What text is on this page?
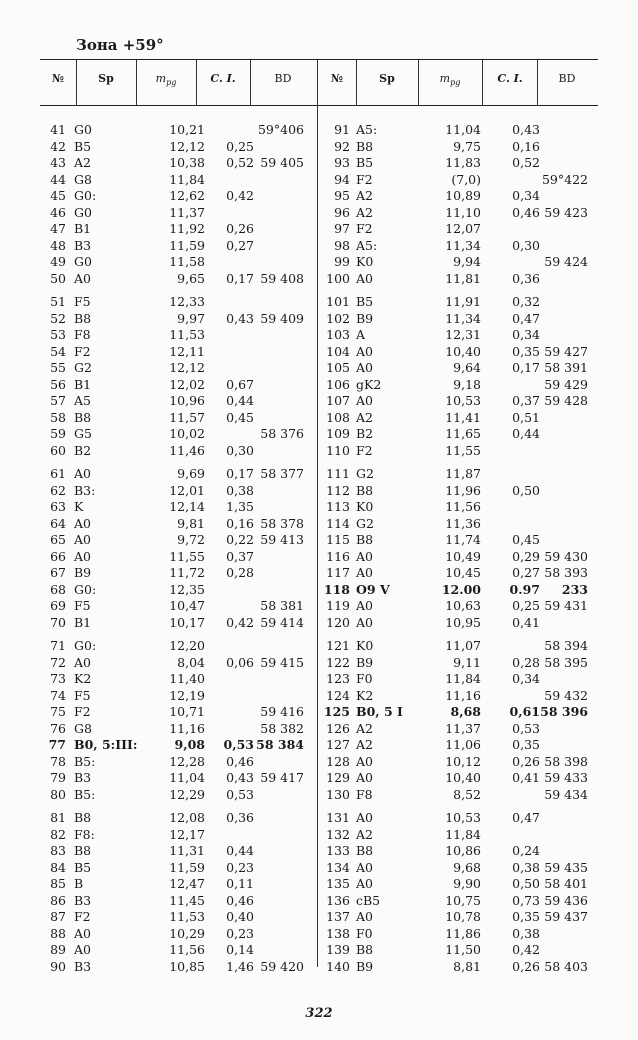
Зона +59°
№	Sp	$m_{pg}$	C. I.	BD	№	Sp	$m_{pg}$	C. I.	BD
41 G0	10,21	59°406
42 B5	12,12 0,25
43 A2	10,38 0,52 59 405
44 G8	11,84
45 G0:	12,62 0,42
46 G0	11,37
47 B1	11,92 0,26
48 B3	11,59 0,27
49 G0	11,58
50 A0	9,65 0,17 59 408
51 F5	12,33
52 B8	9,97 0,43 59 409
53 F8	11,53
54 F2	12,11
55 G2	12,12
56 B1	12,02 0,67
57 A5	10,96 0,44
58 B8	11,57 0,45
59 G5	10,02	58 376
60 B2	11,46 0,30
61 A0	9,69 0,17 58 377
62 B3:	12,01 0,38
63 K	12,14 1,35
64 A0	9,81 0,16 58 378
65 A0	9,72 0,22 59 413
66 A0	11,55 0,37
67 B9	11,72 0,28
68 G0:	12,35
69 F5	10,47	58 381
70 B1	10,17 0,42 59 414
71 G0:	12,20
72 A0	8,04 0,06 59 415
73 K2	11,40
74 F5	12,19
75 F2	10,71	59 416
76 G8	11,16	58 382
77 B0, 5:III:	9,08 0,53 58 384
78 B5:	12,28 0,46
79 B3	11,04 0,43 59 417
80 B5:	12,29 0,53
81 B8	12,08 0,36
82 F8:	12,17
83 B8	11,31 0,44
84 B5	11,59 0,23
85 B	12,47 0,11
86 B3	11,45 0,46
87 F2	11,53 0,40
88 A0	10,29 0,23
89 A0	11,56 0,14
90 B3	10,85 1,46 59 420
91 A5:	11,04 0,43
92 B8	9,75 0,16
93 B5	11,83 0,52
94 F2	(7,0)	59°422
95 A2	10,89 0,34
96 A2	11,10 0,46 59 423
97 F2	12,07
98 A5:	11,34 0,30
99 K0	9,94	59 424
100 A0	11,81 0,36
101 B5	11,91 0,32
102 B9	11,34 0,47
103 A	12,31 0,34
104 A0	10,40 0,35 59 427
105 A0	9,64 0,17 58 391
106 gK2	9,18	59 429
107 A0	10,53 0,37 59 428
108 A2	11,41 0,51
109 B2	11,65 0,44
110 F2	11,55
111 G2	11,87
112 B8	11,96 0,50
113 K0	11,56
114 G2	11,36
115 B8	11,74 0,45
116 A0	10,49 0,29 59 430
117 A0	10,45 0,27 58 393
118 O9 V	12.00 0.97 233
119 A0	10,63 0,25 59 431
120 A0	10,95 0,41
121 K0	11,07	58 394
122 B9	9,11 0,28 58 395
123 F0	11,84 0,34
124 K2	11,16	59 432
125 B0, 5 I	8,68 0,61 58 396
126 A2	11,37 0,53
127 A2	11,06 0,35
128 A0	10,12 0,26 58 398
129 A0	10,40 0,41 59 433
130 F8	8,52	59 434
131 A0	10,53 0,47
132 A2	11,84
133 B8	10,86 0,24
134 A0	9,68 0,38 59 435
135 A0	9,90 0,50 58 401
136 cB5	10,75 0,73 59 436
137 A0	10,78 0,35 59 437
138 F0	11,86 0,38
139 B8	11,50 0,42
140 B9	8,81 0,26 58 403
322
